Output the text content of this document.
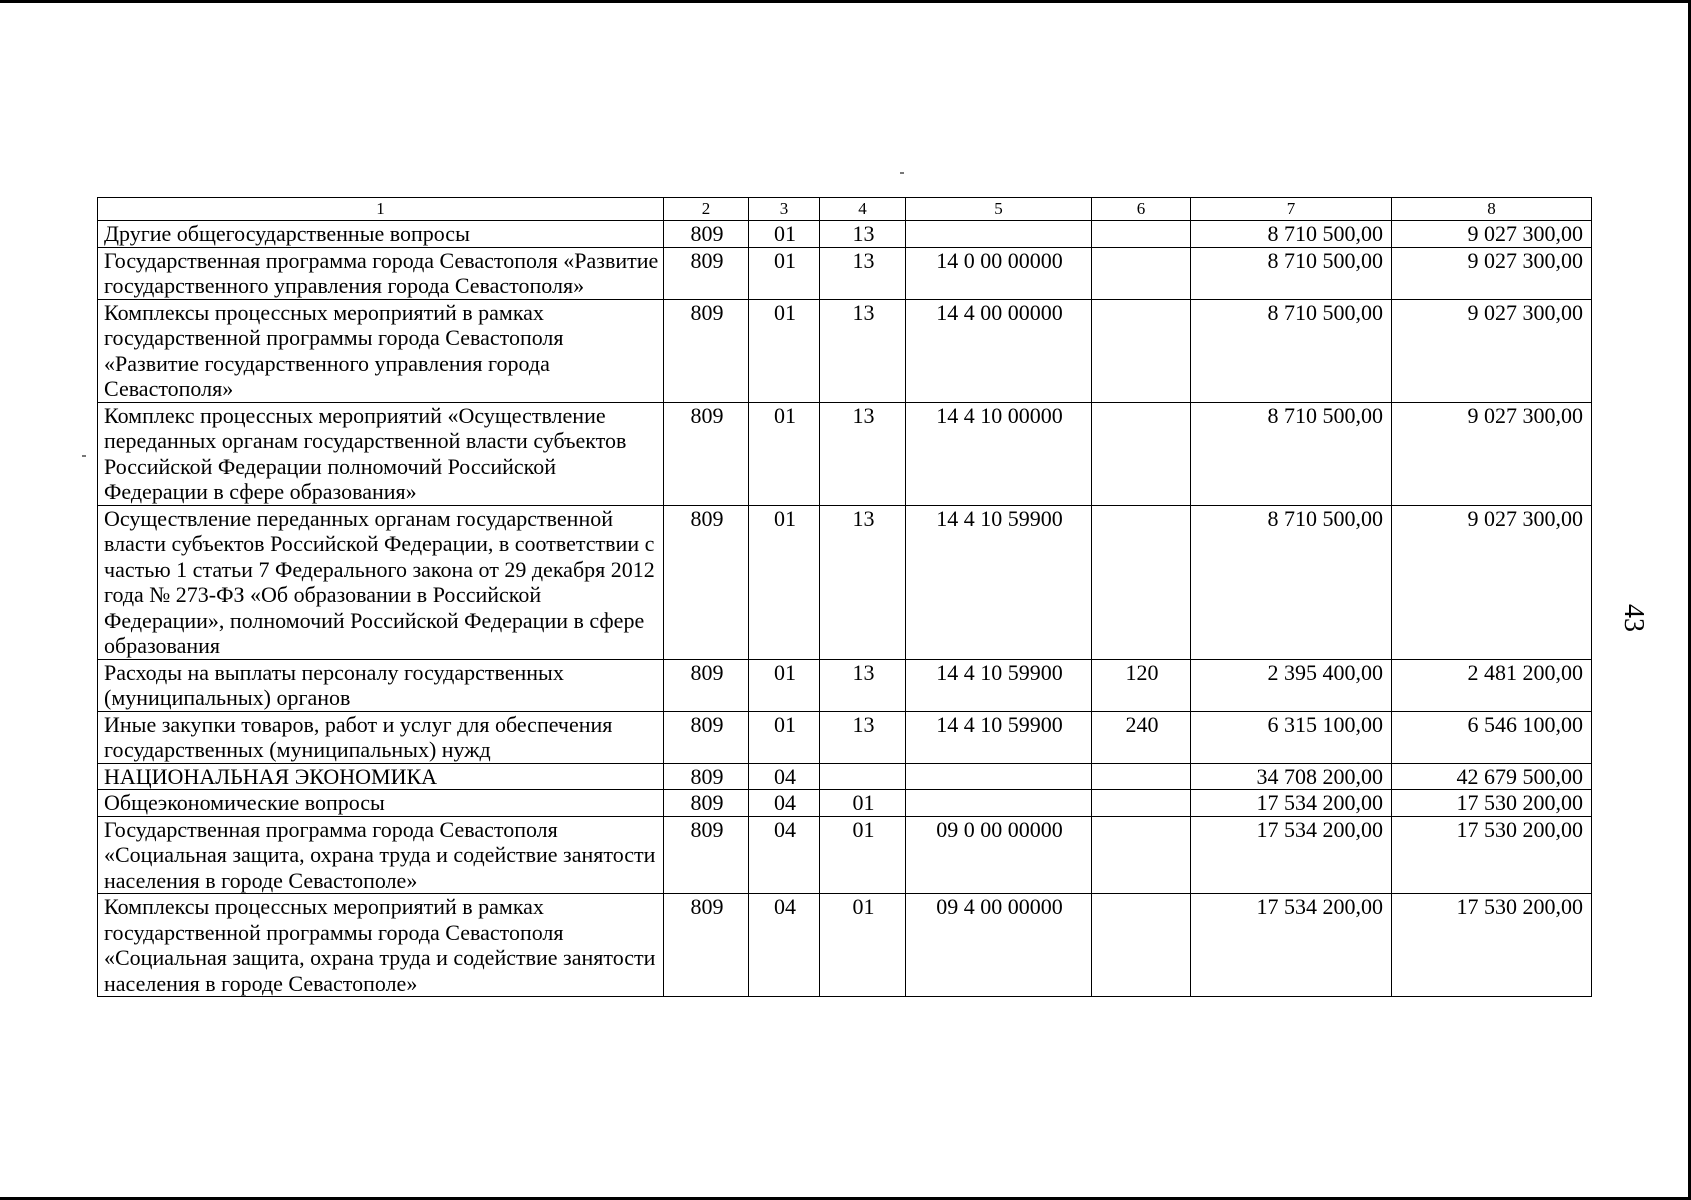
1	2	3	4	5	6	7	8
Другие общегосударственные вопросы	809	01	13			8 710 500,00	9 027 300,00
Государственная программа города Севастополя «Развитие государственного управления города Севастополя»	809	01	13	14 0 00 00000		8 710 500,00	9 027 300,00
Комплексы процессных мероприятий в рамках государственной программы города Севастополя «Развитие государственного управления города Севастополя»	809	01	13	14 4 00 00000		8 710 500,00	9 027 300,00
Комплекс процессных мероприятий «Осуществление переданных органам государственной власти субъектов Российской Федерации полномочий Российской Федерации в сфере образования»	809	01	13	14 4 10 00000		8 710 500,00	9 027 300,00
Осуществление переданных органам государственной власти субъектов Российской Федерации, в соответствии с частью 1 статьи 7 Федерального закона от 29 декабря 2012 года № 273-ФЗ «Об образовании в Российской Федерации», полномочий Российской Федерации в сфере образования	809	01	13	14 4 10 59900		8 710 500,00	9 027 300,00
Расходы на выплаты персоналу государственных (муниципальных) органов	809	01	13	14 4 10 59900	120	2 395 400,00	2 481 200,00
Иные закупки товаров, работ и услуг для обеспечения государственных (муниципальных) нужд	809	01	13	14 4 10 59900	240	6 315 100,00	6 546 100,00
НАЦИОНАЛЬНАЯ ЭКОНОМИКА	809	04				34 708 200,00	42 679 500,00
Общеэкономические вопросы	809	04	01			17 534 200,00	17 530 200,00
Государственная программа города Севастополя «Социальная защита, охрана труда и содействие занятости населения в городе Севастополе»	809	04	01	09 0 00 00000		17 534 200,00	17 530 200,00
Комплексы процессных мероприятий в рамках государственной программы города Севастополя «Социальная защита, охрана труда и содействие занятости населения в городе Севастополе»	809	04	01	09 4 00 00000		17 534 200,00	17 530 200,00
43
